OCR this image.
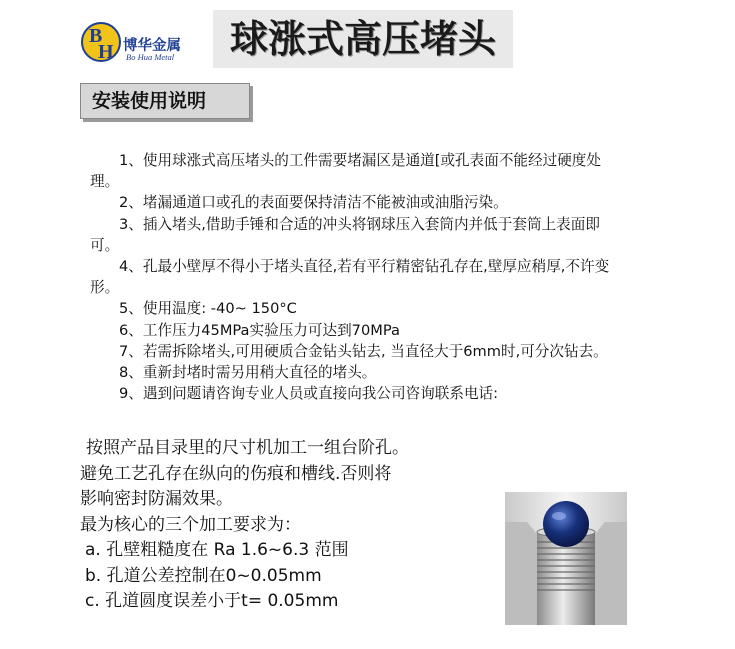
B
H 博华金属
Bo Hua Metal	球涨式高压堵头
安装使用说明

1、使用球涨式高压堵头的工件需要堵漏区是通道[或孔表面不能经过硬度处理。

2、堵漏通道口或孔的表面要保持清洁不能被油或油脂污染。

3、插入堵头,借助手锤和合适的冲头将钢球压入套筒内并低于套筒上表面即可。

4、孔最小壁厚不得小于堵头直径,若有平行精密钻孔存在,壁厚应稍厚,不许变形。

5、使用温度: -40~ 150°C

6、工作压力45MPa实验压力可达到70MPa

7、若需拆除堵头,可用硬质合金钻头钻去, 当直径大于6mm时,可分次钻去。

8、重新封堵时需另用稍大直径的堵头。

9、遇到问题请咨询专业人员或直接向我公司咨询联系电话:

按照产品目录里的尺寸机加工一组台阶孔。

避免工艺孔存在纵向的伤痕和槽线.否则将

影响密封防漏效果。

最为核心的三个加工要求为：

a. 孔壁粗糙度在 Ra 1.6~6.3 范围

b. 孔道公差控制在0~0.05mm

c. 孔道圆度误差小于t= 0.05mm
